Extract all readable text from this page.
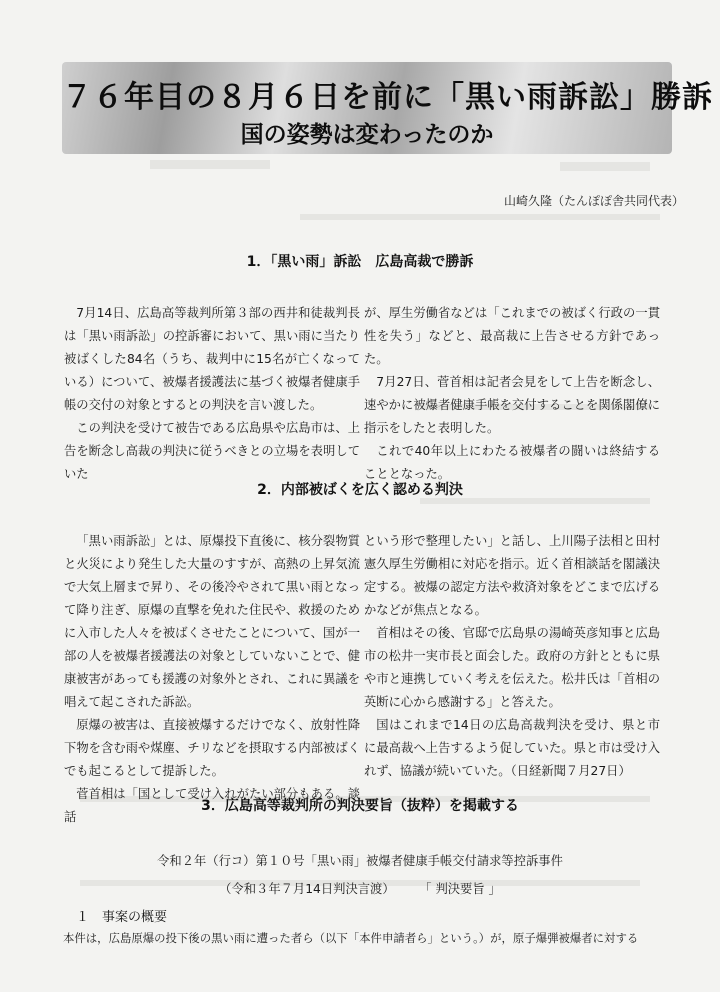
７６年目の８月６日を前に「黒い雨訴訟」勝訴
国の姿勢は変わったのか
山崎久隆（たんぽぽ舎共同代表）
1．「黒い雨」訴訟　広島高裁で勝訴

7月14日、広島高等裁判所第３部の西井和徒裁判長は「黒い雨訴訟」の控訴審において、黒い雨に当たり被ばくした84名（うち、裁判中に15名が亡くなっている）について、被爆者援護法に基づく被爆者健康手帳の交付の対象とするとの判決を言い渡した。

この判決を受けて被告である広島県や広島市は、上告を断念し高裁の判決に従うべきとの立場を表明していた

が、厚生労働省などは「これまでの被ばく行政の一貫性を失う」などと、最高裁に上告させる方針であった。

7月27日、菅首相は記者会見をして上告を断念し、速やかに被爆者健康手帳を交付することを関係閣僚に指示をしたと表明した。

これで40年以上にわたる被爆者の闘いは終結することとなった。

2．内部被ばくを広く認める判決

「黒い雨訴訟」とは、原爆投下直後に、核分裂物質と火災により発生した大量のすすが、高熱の上昇気流で大気上層まで昇り、その後冷やされて黒い雨となって降り注ぎ、原爆の直撃を免れた住民や、救援のために入市した人々を被ばくさせたことについて、国が一部の人を被爆者援護法の対象としていないことで、健康被害があっても援護の対象外とされ、これに異議を唱えて起こされた訴訟。

原爆の被害は、直接被爆するだけでなく、放射性降下物を含む雨や煤塵、チリなどを摂取する内部被ばくでも起こるとして提訴した。

菅首相は「国として受け入れがたい部分もある。談話

という形で整理したい」と話し、上川陽子法相と田村憲久厚生労働相に対応を指示。近く首相談話を閣議決定する。被爆の認定方法や救済対象をどこまで広げるかなどが焦点となる。

首相はその後、官邸で広島県の湯崎英彦知事と広島市の松井一実市長と面会した。政府の方針とともに県や市と連携していく考えを伝えた。松井氏は「首相の英断に心から感謝する」と答えた。

国はこれまで14日の広島高裁判決を受け、県と市に最高裁へ上告するよう促していた。県と市は受け入れず、協議が続いていた。（日経新聞７月27日）

3．広島高等裁判所の判決要旨（抜粋）を掲載する
令和２年（行コ）第１０号「黒い雨」被爆者健康手帳交付請求等控訴事件
（令和３年７月14日判決言渡）　　　「 判決要旨 」
１　事案の概要
本件は，広島原爆の投下後の黒い雨に遭った者ら（以下「本件申請者ら」という。）が，原子爆弾被爆者に対する
